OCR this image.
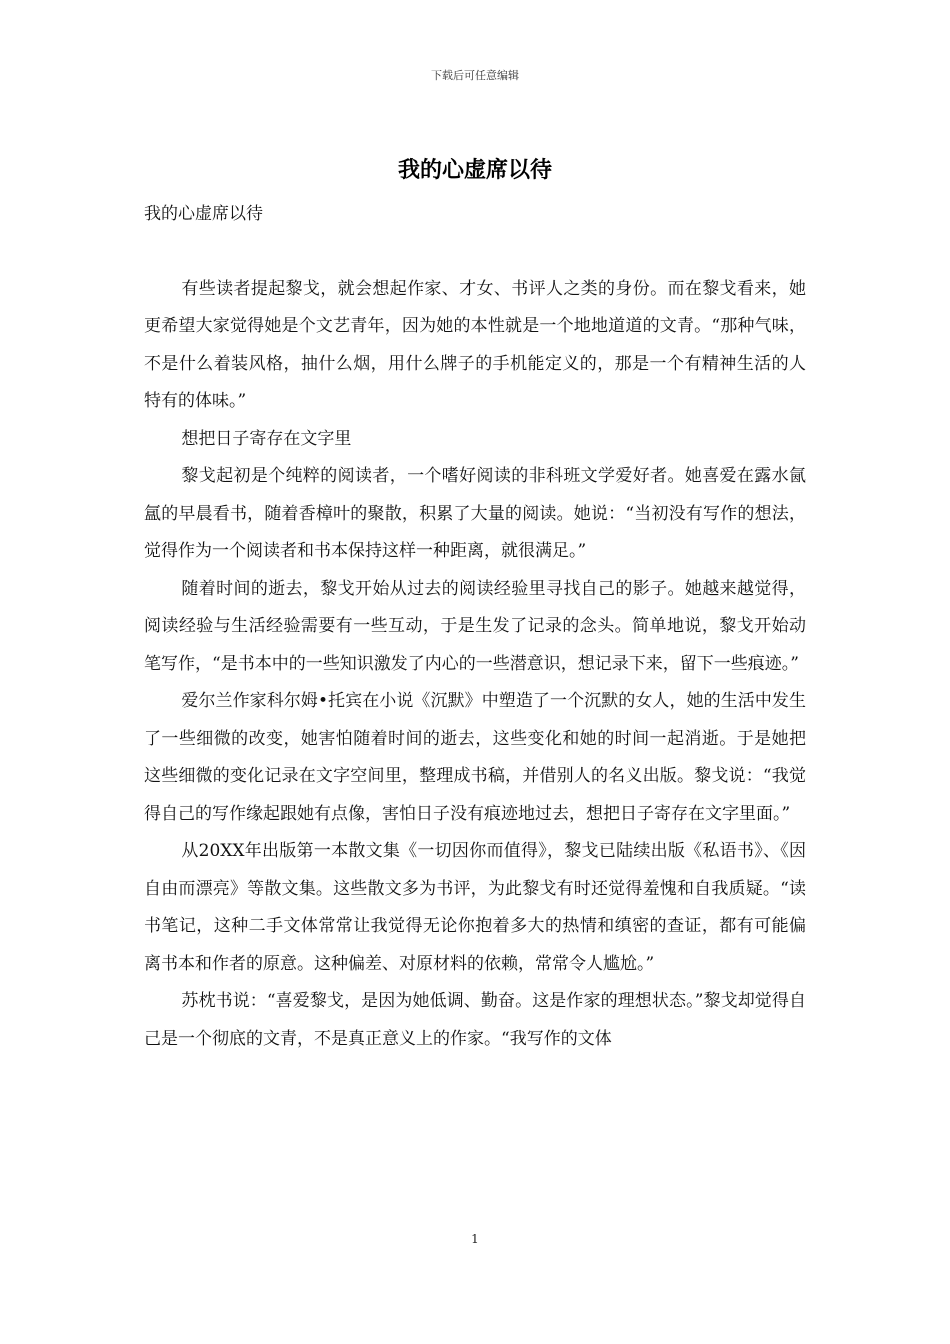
下载后可任意编辑
我的心虚席以待

我的心虚席以待

有些读者提起黎戈，就会想起作家、才女、书评人之类的身份。而在黎戈看来，她更希望大家觉得她是个文艺青年，因为她的本性就是一个地地道道的文青。“那种气味，不是什么着装风格，抽什么烟，用什么牌子的手机能定义的，那是一个有精神生活的人特有的体味。”

想把日子寄存在文字里

黎戈起初是个纯粹的阅读者，一个嗜好阅读的非科班文学爱好者。她喜爱在露水氤氲的早晨看书，随着香樟叶的聚散，积累了大量的阅读。她说：“当初没有写作的想法，觉得作为一个阅读者和书本保持这样一种距离，就很满足。”

随着时间的逝去，黎戈开始从过去的阅读经验里寻找自己的影子。她越来越觉得，阅读经验与生活经验需要有一些互动，于是生发了记录的念头。简单地说，黎戈开始动笔写作，“是书本中的一些知识激发了内心的一些潜意识，想记录下来，留下一些痕迹。”

爱尔兰作家科尔姆•托宾在小说《沉默》中塑造了一个沉默的女人，她的生活中发生了一些细微的改变，她害怕随着时间的逝去，这些变化和她的时间一起消逝。于是她把这些细微的变化记录在文字空间里，整理成书稿，并借别人的名义出版。黎戈说：“我觉得自己的写作缘起跟她有点像，害怕日子没有痕迹地过去，想把日子寄存在文字里面。”

从20XX年出版第一本散文集《一切因你而值得》，黎戈已陆续出版《私语书》、《因自由而漂亮》等散文集。这些散文多为书评，为此黎戈有时还觉得羞愧和自我质疑。“读书笔记，这种二手文体常常让我觉得无论你抱着多大的热情和缜密的查证，都有可能偏离书本和作者的原意。这种偏差、对原材料的依赖，常常令人尴尬。”

苏枕书说：“喜爱黎戈，是因为她低调、勤奋。这是作家的理想状态。”黎戈却觉得自己是一个彻底的文青，不是真正意义上的作家。“我写作的文体

1
